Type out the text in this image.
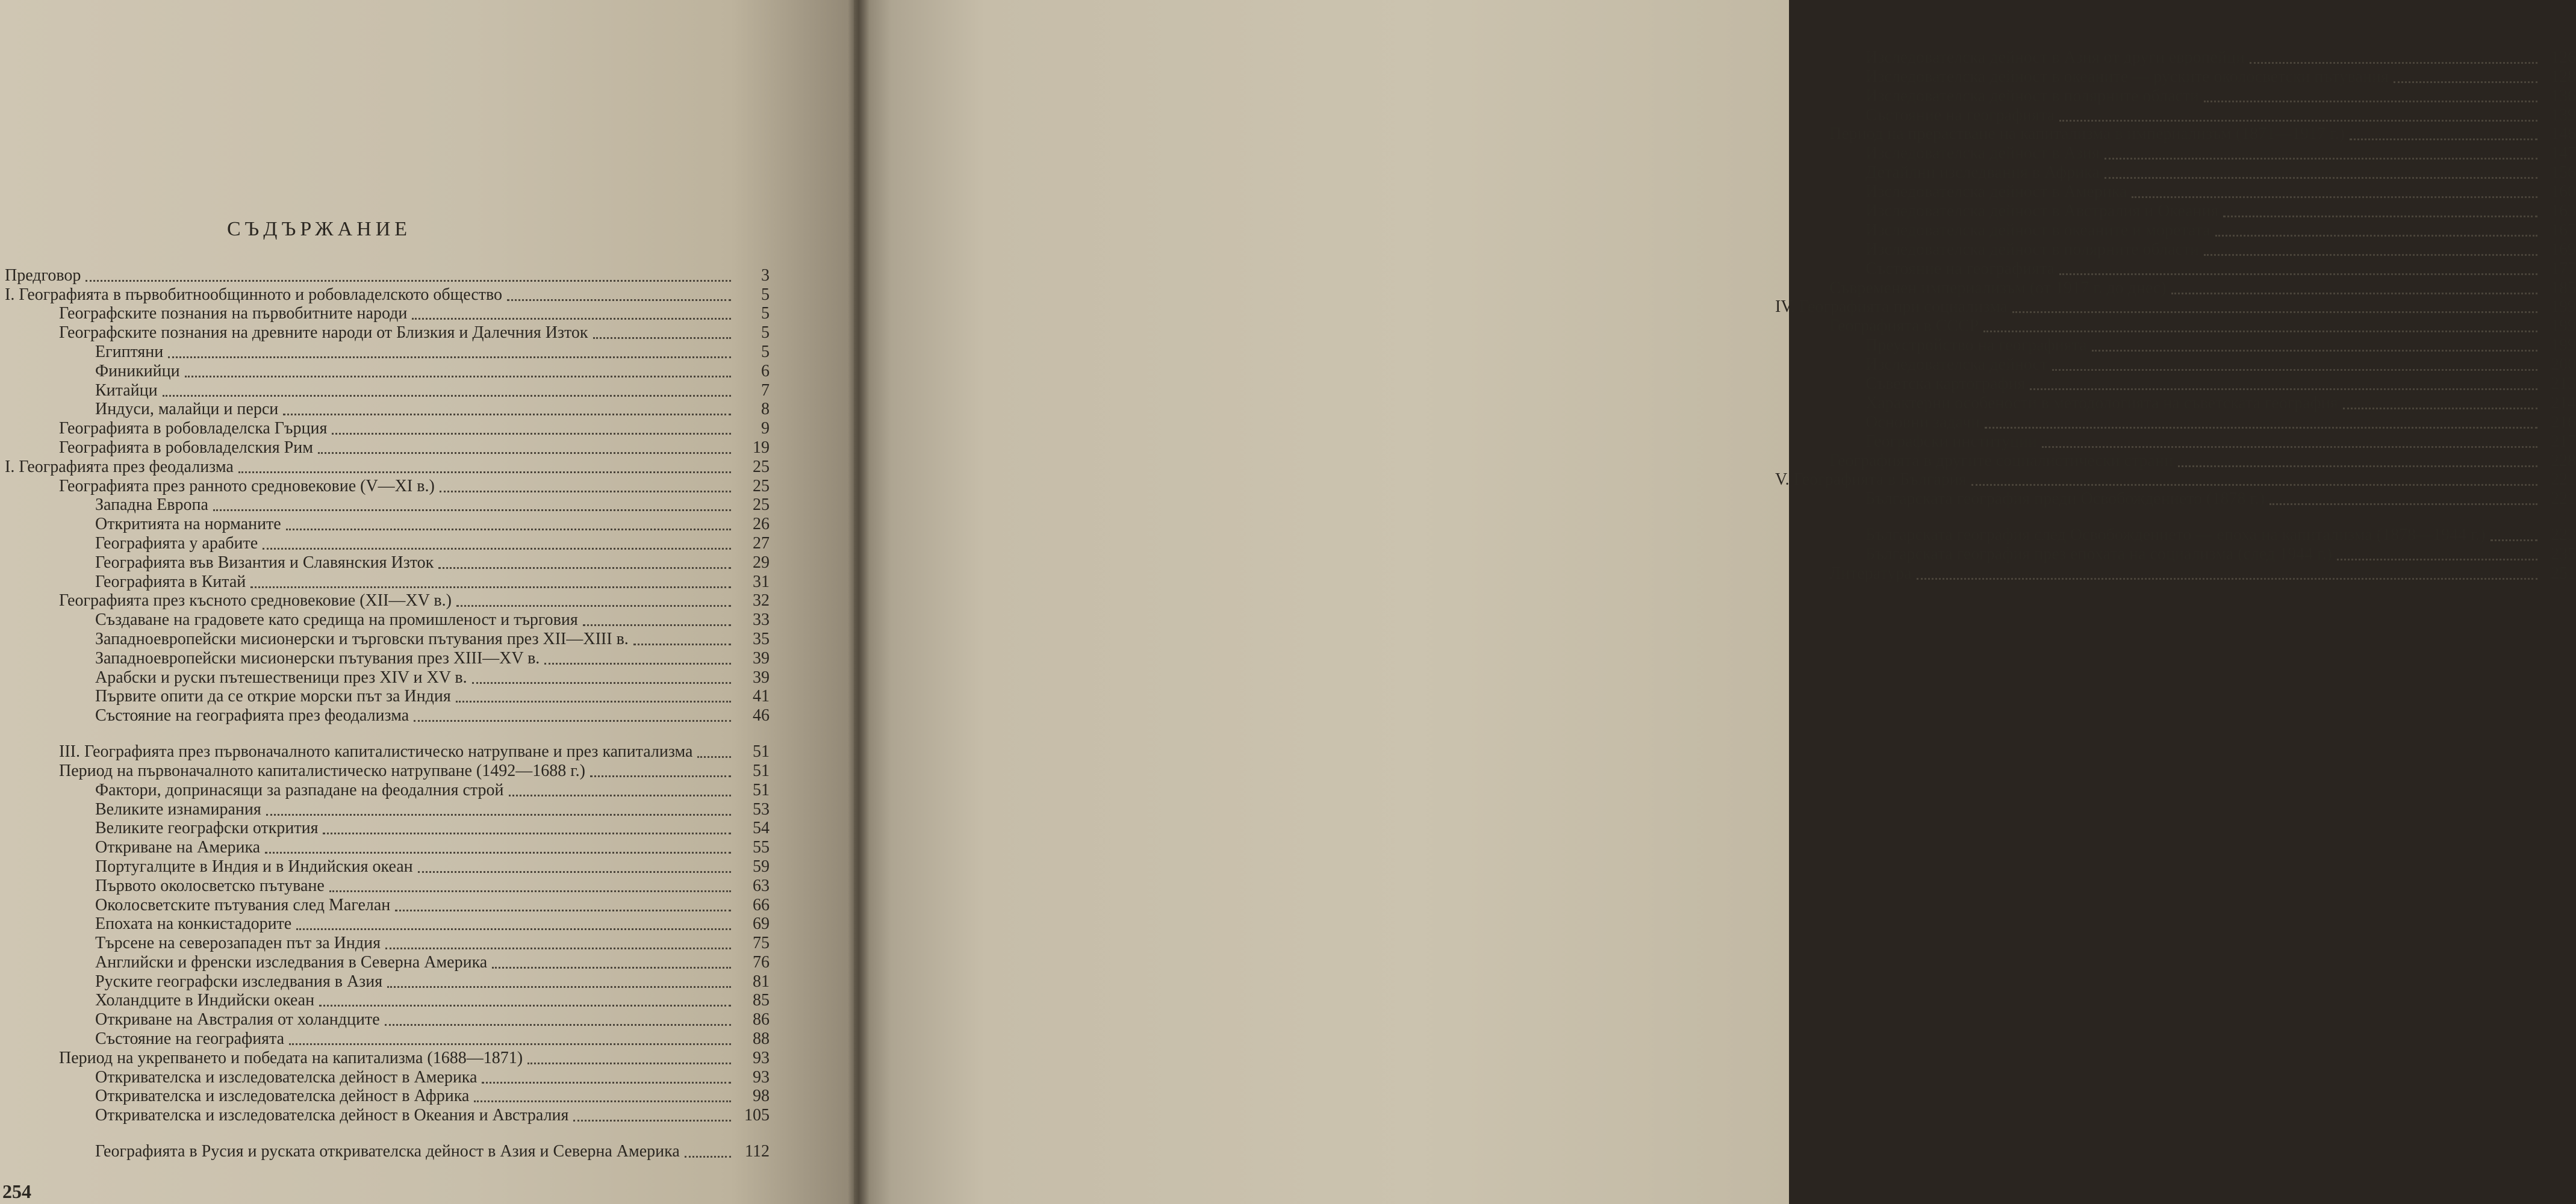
СЪДЪРЖАНИЕ
Предговор	3
I. Географията в първобитнообщинното и робовладелското общество	5
Географските познания на първобитните народи	5
Географските познания на древните народи от Близкия и Далечния Изток	5
Египтяни	5
Финикийци	6
Китайци	7
Индуси, малайци и перси	8
Географията в робовладелска Гърция	9
Географията в робовладелския Рим	19
I. Географията през феодализма	25
Географията през ранното средновековие (V—XI в.)	25
Западна Европа	25
Откритията на норманите	26
Географията у арабите	27
Географията във Византия и Славянския Изток	29
Географията в Китай	31
Географията през късното средновековие (XII—XV в.)	32
Създаване на градовете като средища на промишленост и търговия	33
Западноевропейски мисионерски и търговски пътувания през XII—XIII в.	35
Западноевропейски мисионерски пътувания през XIII—XV в.	39
Арабски и руски пътешественици през XIV и XV в.	39
Първите опити да се открие морски път за Индия	41
Състояние на географията през феодализма	46
III. Географията през първоначалното капиталистическо натрупване и през капитализма	51
Период на първоначалното капиталистическо натрупване (1492—1688 г.)	51
Фактори, допринасящи за разпадане на феодалния строй	51
Великите изнамирания	53
Великите географски открития	54
Откриване на Америка	55
Португалците в Индия и в Индийския океан	59
Първото околосветско пътуване	63
Околосветските пътувания след Магелан	66
Епохата на конкистадорите	69
Търсене на северозападен път за Индия	75
Английски и френски изследвания в Северна Америка	76
Руските географски изследвания в Азия	81
Холандците в Индийски океан	85
Откриване на Австралия от холандците	86
Състояние на географията	88
Период на укрепването и победата на капитализма (1688—1871)	93
Откривателска и изследователска дейност в Америка	93
Откривателска и изследователска дейност в Африка	98
Откривателска и изследователска дейност в Океания и Австралия	105
Географията в Русия и руската откривателска дейност в Азия и Северна Америка	112
254
Изследователска дейност в Азия от други европейци	126
Изследователска дейност в океаните — руските околосветски пътувания	128
Изследователска дейност в полярните области	136
Състояние на географията	139
Период на прерастване на капитализма в империализъм (1871—1917 г.)	146
Изследователска дейност в Азия	147
Детайлни изследвания в Африка	156
Изследователска дейност в Америка	160
Изследователска дейност в Австралия и Океания	163
Изследователска дейност в океаните и моретата	167
Изследователска дейност в полярните области	169
Състояние на географията	177
Съвременен империализъм (от 1917 г. до днес)	185
IV. Географията при социализма	199
Географията в СССР	199
Преустройство на географията	199
Изследователска дейност	200
Съветска картография	213
Характерни особености в методологията на съветската география	214
Основни задачи	216
Географски институции	217
Географията в другите социалистически страни	228
V. Географията в България	221
Българската география преди Освобождението (1878 г.)	221
Българската география след Освобождението — епоха на капитализма (1878—1944 г.)	223
Българската география през епохата на социализма (след 1944 г.)	235
Литература	251
